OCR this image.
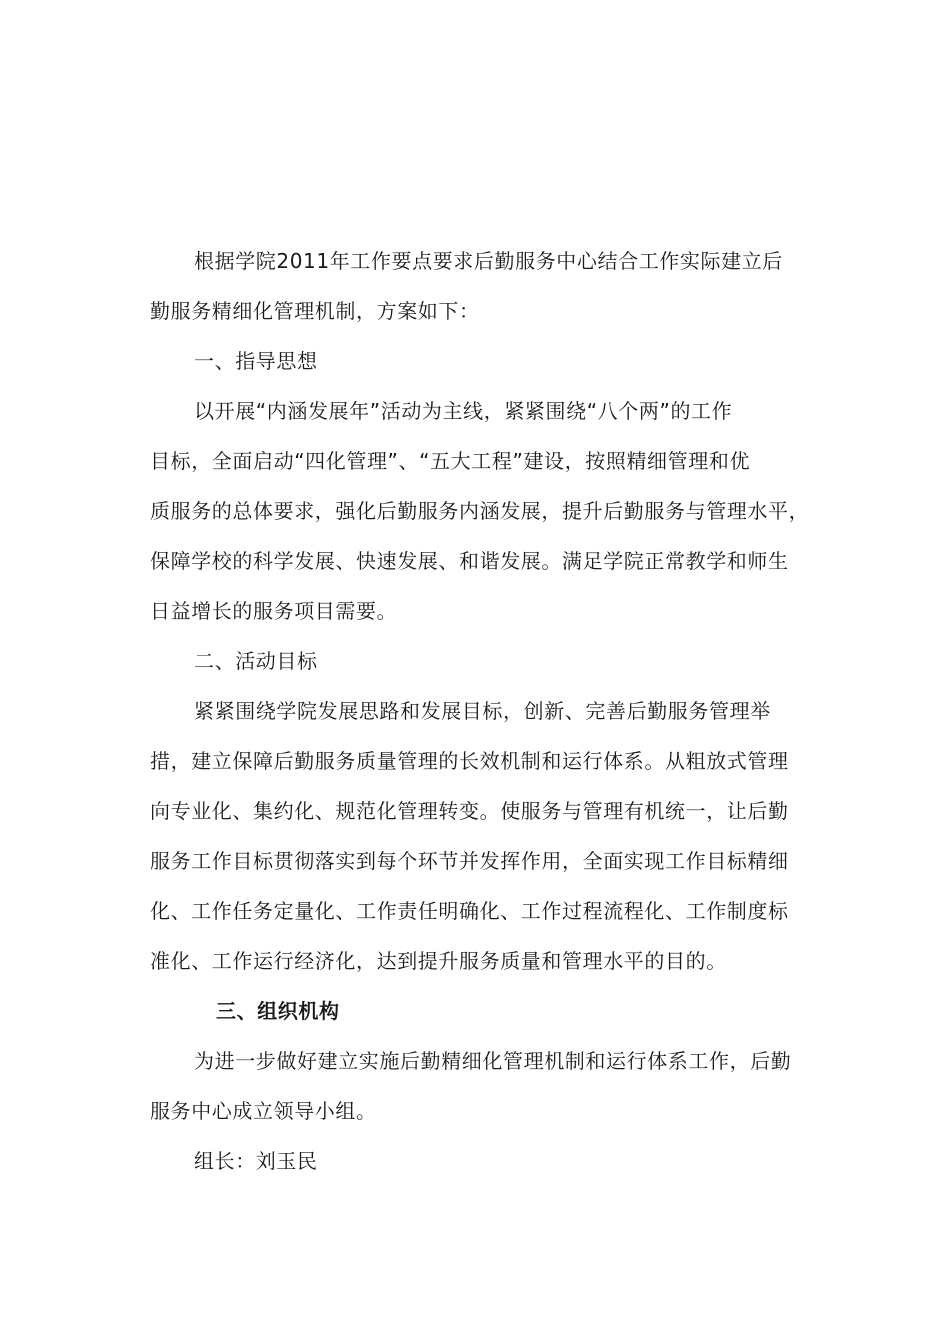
根据学院2011年工作要点要求后勤服务中心结合工作实际建立后
勤服务精细化管理机制，方案如下：

一、指导思想

以开展“内涵发展年”活动为主线，紧紧围绕“八个两”的工作
目标，全面启动“四化管理”、“五大工程”建设，按照精细管理和优
质服务的总体要求，强化后勤服务内涵发展，提升后勤服务与管理水平，
保障学校的科学发展、快速发展、和谐发展。满足学院正常教学和师生
日益增长的服务项目需要。

二、活动目标

紧紧围绕学院发展思路和发展目标，创新、完善后勤服务管理举
措，建立保障后勤服务质量管理的长效机制和运行体系。从粗放式管理
向专业化、集约化、规范化管理转变。使服务与管理有机统一，让后勤
服务工作目标贯彻落实到每个环节并发挥作用，全面实现工作目标精细
化、工作任务定量化、工作责任明确化、工作过程流程化、工作制度标
准化、工作运行经济化，达到提升服务质量和管理水平的目的。

三、组织机构

为进一步做好建立实施后勤精细化管理机制和运行体系工作，后勤
服务中心成立领导小组。

组长：刘玉民
